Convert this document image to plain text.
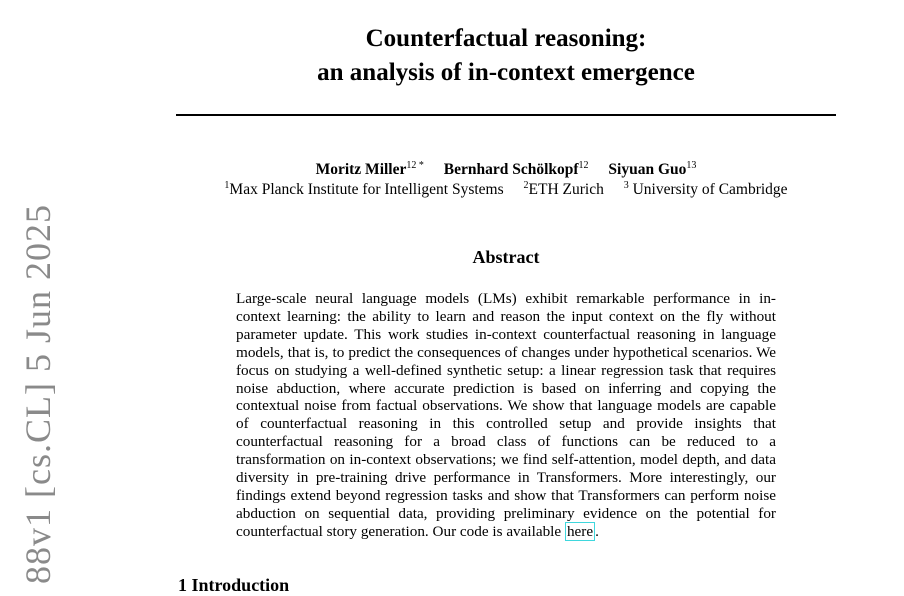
Counterfactual reasoning:
an analysis of in-context emergence
Moritz Miller$^{12 *}$ Bernhard Schölkopf$^{12}$ Siyuan Guo$^{13}$
$^1$Max Planck Institute for Intelligent Systems $^2$ETH Zurich $^3$ University of Cambridge
Abstract
Large-scale neural language models (LMs) exhibit remarkable performance in in-context learning: the ability to learn and reason the input context on the fly without parameter update. This work studies in-context counterfactual reasoning in language models, that is, to predict the consequences of changes under hypothetical scenarios. We focus on studying a well-defined synthetic setup: a linear regression task that requires noise abduction, where accurate prediction is based on inferring and copying the contextual noise from factual observations. We show that language models are capable of counterfactual reasoning in this controlled setup and provide insights that counterfactual reasoning for a broad class of functions can be reduced to a transformation on in-context observations; we find self-attention, model depth, and data diversity in pre-training drive performance in Transformers. More interestingly, our findings extend beyond regression tasks and show that Transformers can perform noise abduction on sequential data, providing preliminary evidence on the potential for counterfactual story generation. Our code is available here .
88v1 [cs.CL] 5 Jun 2025
1 Introduction
